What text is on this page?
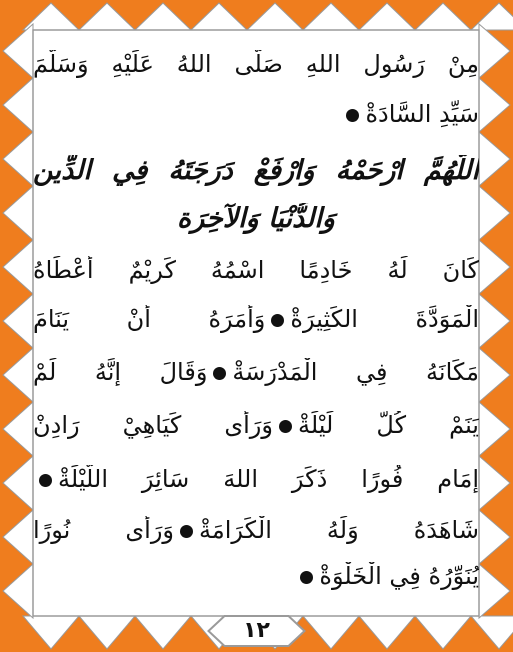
مِنْ رَسُولِ اللهِ صَلَّى اللهُ عَلَيْهِ وَسَلَّمَ
سَيِّدِ السَّادَةْ
اللَّهُمَّ ارْحَمْهُ وَارْفَعْ دَرَجَتَهُ فِي الدِّينِ
وَالدُّنْيَا وَالآخِرَة
كَانَ لَهُ خَادِمًا اسْمُهُ كَرِيْمٌ أَعْطَاهُ
الْمَوَدَّةَ الكَثِيرَةْوَأَمَرَهُ أَنْ يَنَامَ
مَكَانَهُ فِي الْمَدْرَسَةْوَقَالَ إِنَّهُ لَمْ
يَنَمْ كُلَّ لَيْلَةْوَرَأَى كَيَاهِيْ رَادِنْ
إِمَامٍ فُورًا ذَكَرَ اللهَ سَائِرَ اللَّيْلَةْ
شَاهَدَهُ وَلَهُ الْكَرَامَةْوَرَأَى نُورًا
يُنَوِّرُهُ فِي الْخَلْوَةْ
١٢
